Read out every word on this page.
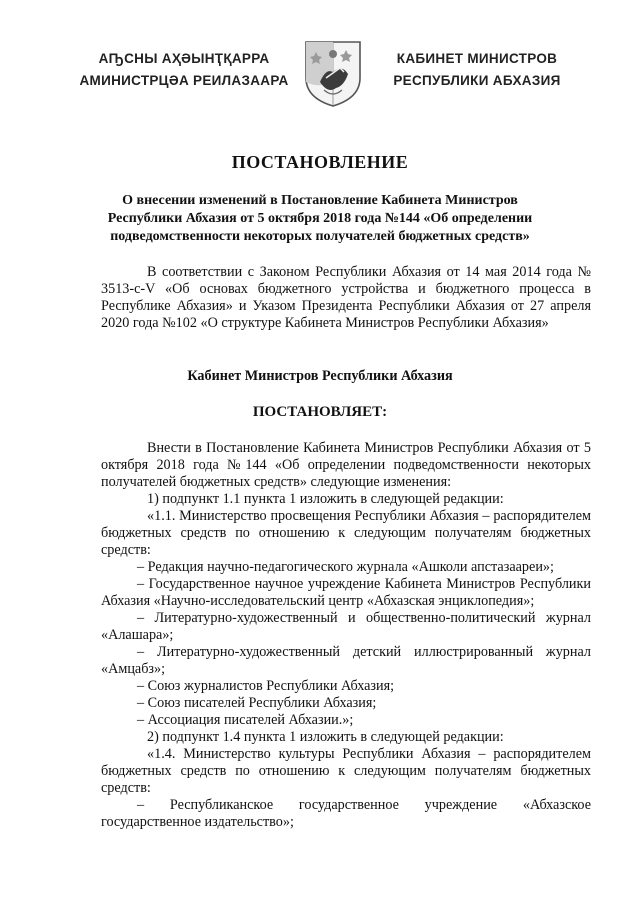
АҦСНЫ АҲӘЫНҬҚАРРА
АМИНИСТРЦӘА РЕИЛАЗААРА
КАБИНЕТ МИНИСТРОВ
РЕСПУБЛИКИ АБХАЗИЯ
ПОСТАНОВЛЕНИЕ
О внесении изменений в Постановление Кабинета Министров
Республики Абхазия от 5 октября 2018 года №144 «Об определении
подведомственности некоторых получателей бюджетных средств»

В соответствии с Законом Республики Абхазия от 14 мая 2014 года № 3513-с-V «Об основах бюджетного устройства и бюджетного процесса в Республике Абхазия» и Указом Президента Республики Абхазия от 27 апреля 2020 года №102 «О структуре Кабинета Министров Республики Абхазия»

Кабинет Министров Республики Абхазия
ПОСТАНОВЛЯЕТ:

Внести в Постановление Кабинета Министров Республики Абхазия от 5 октября 2018 года №144 «Об определении подведомственности некоторых получателей бюджетных средств» следующие изменения:

1) подпункт 1.1 пункта 1 изложить в следующей редакции:

«1.1. Министерство просвещения Республики Абхазия – распорядителем бюджетных средств по отношению к следующим получателям бюджетных средств:

– Редакция научно-педагогического журнала «Ашколи апстазаареи»;

– Государственное научное учреждение Кабинета Министров Республики Абхазия «Научно-исследовательский центр «Абхазская энциклопедия»;

– Литературно-художественный и общественно-политический журнал «Алашара»;

– Литературно-художественный детский иллюстрированный журнал «Амцабз»;

– Союз журналистов Республики Абхазия;

– Союз писателей Республики Абхазия;

– Ассоциация писателей Абхазии.»;

2) подпункт 1.4 пункта 1 изложить в следующей редакции:

«1.4. Министерство культуры Республики Абхазия – распорядителем бюджетных средств по отношению к следующим получателям бюджетных средств:

– Республиканское государственное учреждение «Абхазское государственное издательство»;
